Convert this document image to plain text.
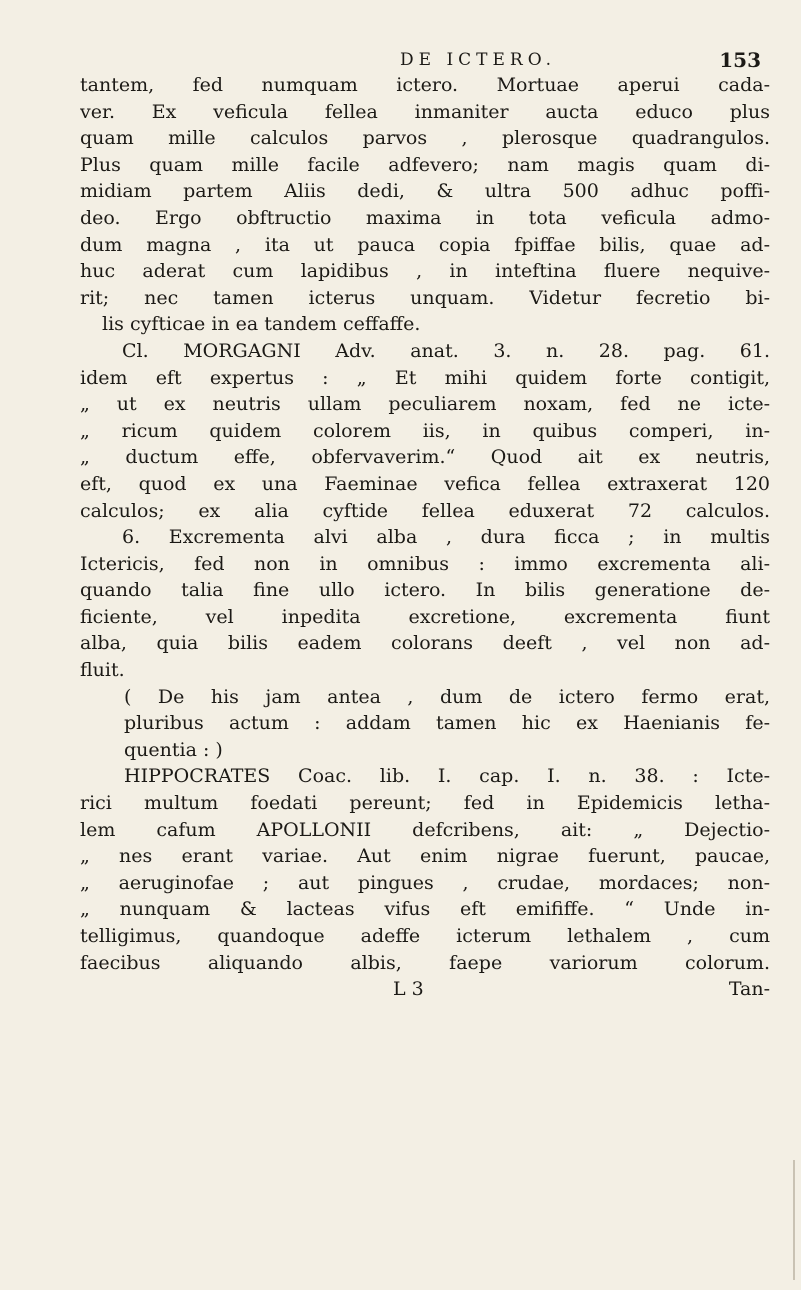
DE ICTERO.	153
tantem, fed numquam ictero. Mortuae aperui cada-
ver. Ex veficula fellea inmaniter aucta educo plus
quam mille calculos parvos , plerosque quadrangulos.
Plus quam mille facile adfevero; nam magis quam di-
midiam partem Aliis dedi, & ultra 500 adhuc poffi-
deo. Ergo obftructio maxima in tota veficula admo-
dum magna , ita ut pauca copia fpiffae bilis, quae ad-
huc aderat cum lapidibus , in inteftina fluere nequive-
rit; nec tamen icterus unquam. Videtur fecretio bi-
lis cyfticae in ea tandem ceffaffe.
Cl. MORGAGNI Adv. anat. 3. n. 28. pag. 61.
idem eft expertus : „ Et mihi quidem forte contigit,
„ ut ex neutris ullam peculiarem noxam, fed ne icte-
„ ricum quidem colorem iis, in quibus comperi, in-
„ ductum effe, obfervaverim.“ Quod ait ex neutris,
eft, quod ex una Faeminae vefica fellea extraxerat 120
calculos; ex alia cyftide fellea eduxerat 72 calculos.
6. Excrementa alvi alba , dura ficca ; in multis
Ictericis, fed non in omnibus : immo excrementa ali-
quando talia fine ullo ictero. In bilis generatione de-
ficiente, vel inpedita excretione, excrementa fiunt
alba, quia bilis eadem colorans deeft , vel non ad-
fluit.
( De his jam antea , dum de ictero fermo erat,
pluribus actum : addam tamen hic ex Haenianis fe-
quentia : )
HIPPOCRATES Coac. lib. I. cap. I. n. 38. : Icte-
rici multum foedati pereunt; fed in Epidemicis letha-
lem cafum APOLLONII defcribens, ait: „ Dejectio-
„ nes erant variae. Aut enim nigrae fuerunt, paucae,
„ aeruginofae ; aut pingues , crudae, mordaces; non-
„ nunquam & lacteas vifus eft emififfe. “ Unde in-
telligimus, quandoque adeffe icterum lethalem , cum
faecibus aliquando albis, faepe variorum colorum.
L 3	Tan-
